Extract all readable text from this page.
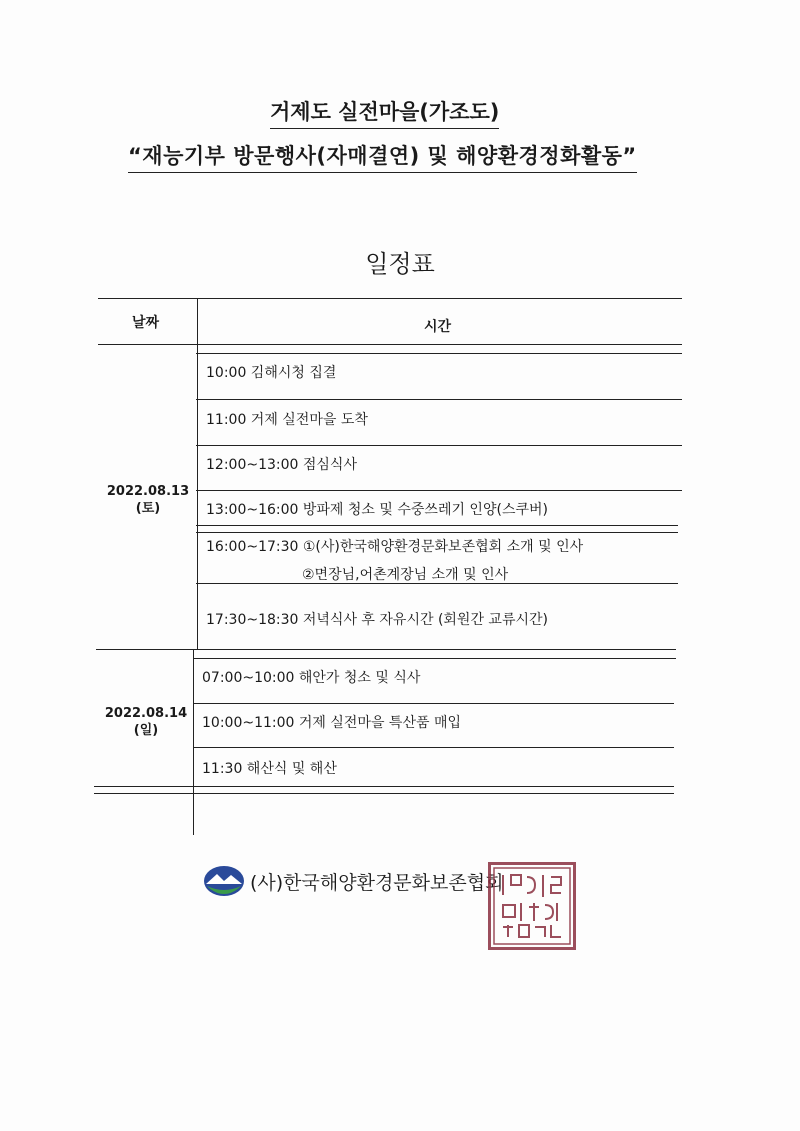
거제도 실전마을(가조도)
“재능기부 방문행사(자매결연) 및 해양환경정화활동”
일정표
날짜	시간
2022.08.13
(토)
10:00 김해시청 집결
11:00 거제 실전마을 도착
12:00~13:00 점심식사
13:00~16:00 방파제 청소 및 수중쓰레기 인양(스쿠버)
16:00~17:30 ①(사)한국해양환경문화보존협회 소개 및 인사
②면장님,어촌계장님 소개 및 인사
17:30~18:30 저녁식사 후 자유시간 (회원간 교류시간)
2022.08.14
(일)
07:00~10:00 해안가 청소 및 식사
10:00~11:00 거제 실전마을 특산품 매입
11:30 해산식 및 해산
(사)한국해양환경문화보존협회
